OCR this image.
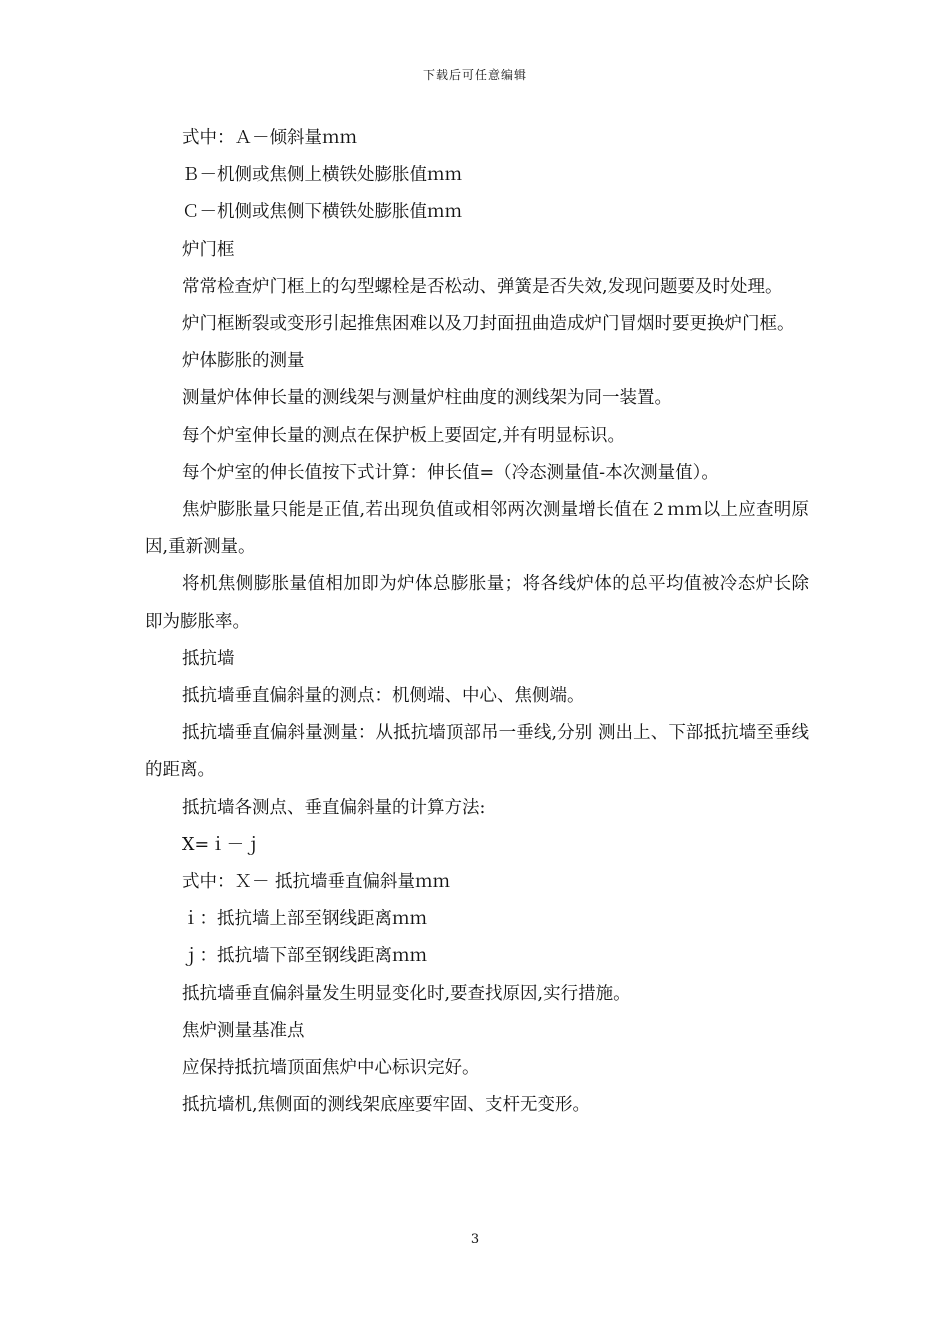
下载后可任意编辑

式中：Ａ－倾斜量ｍｍ

Ｂ－机侧或焦侧上横铁处膨胀值ｍｍ

Ｃ－机侧或焦侧下横铁处膨胀值ｍｍ

炉门框

常常检查炉门框上的勾型螺栓是否松动、弹簧是否失效,发现问题要及时处理。

炉门框断裂或变形引起推焦困难以及刀封面扭曲造成炉门冒烟时要更换炉门框。

炉体膨胀的测量

测量炉体伸长量的测线架与测量炉柱曲度的测线架为同一装置。

每个炉室伸长量的测点在保护板上要固定,并有明显标识。

每个炉室的伸长值按下式计算：伸长值=（冷态测量值-本次测量值）。

焦炉膨胀量只能是正值,若出现负值或相邻两次测量增长值在２ｍｍ以上应查明原因,重新测量。

将机焦侧膨胀量值相加即为炉体总膨胀量；将各线炉体的总平均值被冷态炉长除即为膨胀率。

抵抗墙

抵抗墙垂直偏斜量的测点：机侧端、中心、焦侧端。

抵抗墙垂直偏斜量测量：从抵抗墙顶部吊一垂线,分别 测出上、下部抵抗墙至垂线的距离。

抵抗墙各测点、垂直偏斜量的计算方法:

X=ｉ－ｊ

式中：Ｘ－ 抵抗墙垂直偏斜量ｍｍ

ｉ：抵抗墙上部至钢线距离ｍｍ

ｊ：抵抗墙下部至钢线距离ｍｍ

抵抗墙垂直偏斜量发生明显变化时,要查找原因,实行措施。

焦炉测量基准点

应保持抵抗墙顶面焦炉中心标识完好。

抵抗墙机,焦侧面的测线架底座要牢固、支杆无变形。

3
